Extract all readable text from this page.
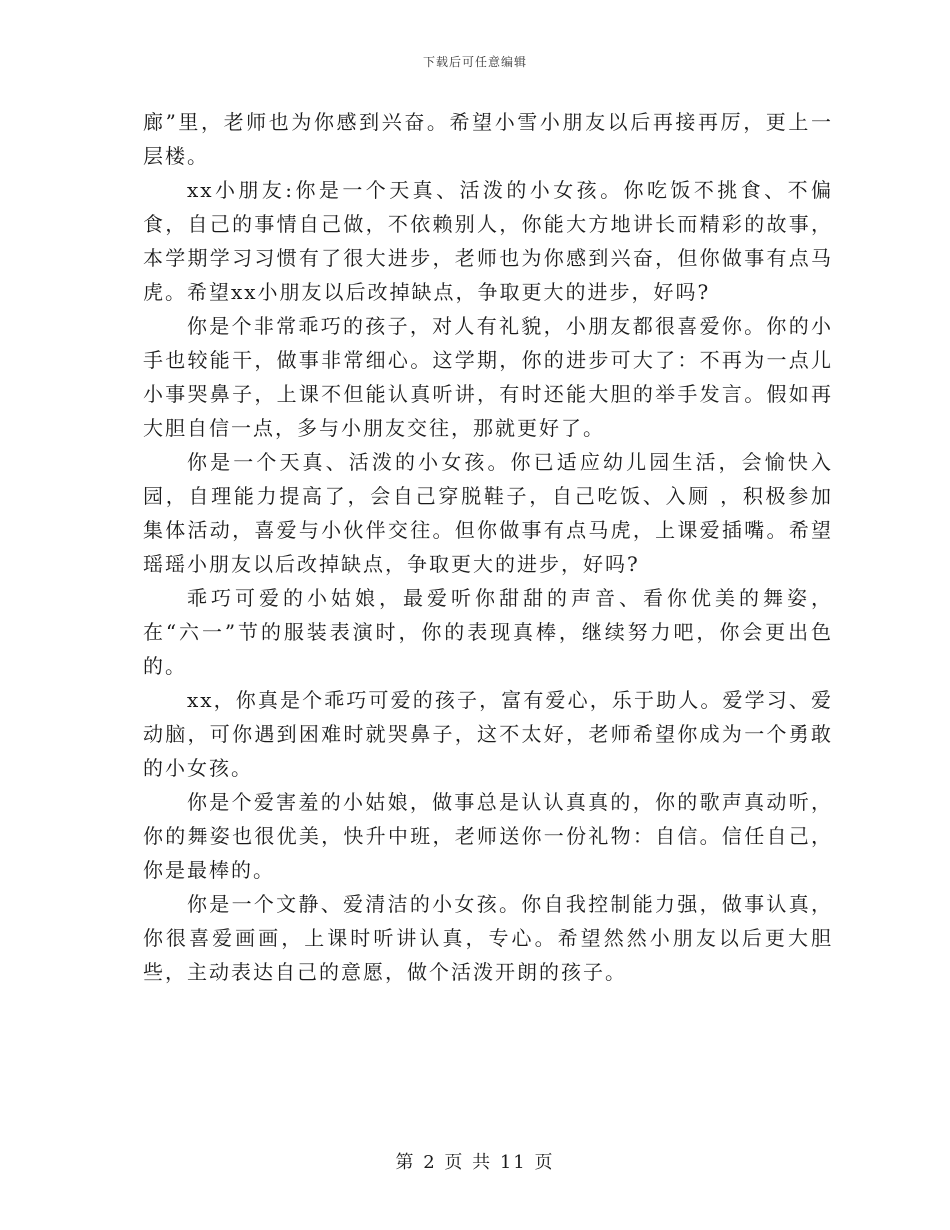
下载后可任意编辑

廊”里，老师也为你感到兴奋。希望小雪小朋友以后再接再厉，更上一层楼。

xx小朋友:你是一个天真、活泼的小女孩。你吃饭不挑食、不偏食，自己的事情自己做，不依赖别人，你能大方地讲长而精彩的故事，本学期学习习惯有了很大进步，老师也为你感到兴奋，但你做事有点马虎。希望xx小朋友以后改掉缺点，争取更大的进步，好吗?

你是个非常乖巧的孩子，对人有礼貌，小朋友都很喜爱你。你的小手也较能干，做事非常细心。这学期，你的进步可大了：不再为一点儿小事哭鼻子，上课不但能认真听讲，有时还能大胆的举手发言。假如再大胆自信一点，多与小朋友交往，那就更好了。

你是一个天真、活泼的小女孩。你已适应幼儿园生活，会愉快入园，自理能力提高了，会自己穿脱鞋子，自己吃饭、入厕 ，积极参加集体活动，喜爱与小伙伴交往。但你做事有点马虎，上课爱插嘴。希望瑶瑶小朋友以后改掉缺点，争取更大的进步，好吗?

乖巧可爱的小姑娘，最爱听你甜甜的声音、看你优美的舞姿，在“六一”节的服装表演时，你的表现真棒，继续努力吧，你会更出色的。

xx，你真是个乖巧可爱的孩子，富有爱心，乐于助人。爱学习、爱动脑，可你遇到困难时就哭鼻子，这不太好，老师希望你成为一个勇敢的小女孩。

你是个爱害羞的小姑娘，做事总是认认真真的，你的歌声真动听，你的舞姿也很优美，快升中班，老师送你一份礼物：自信。信任自己，你是最棒的。

你是一个文静、爱清洁的小女孩。你自我控制能力强，做事认真，你很喜爱画画，上课时听讲认真，专心。希望然然小朋友以后更大胆些，主动表达自己的意愿，做个活泼开朗的孩子。

第 2 页 共 11 页
